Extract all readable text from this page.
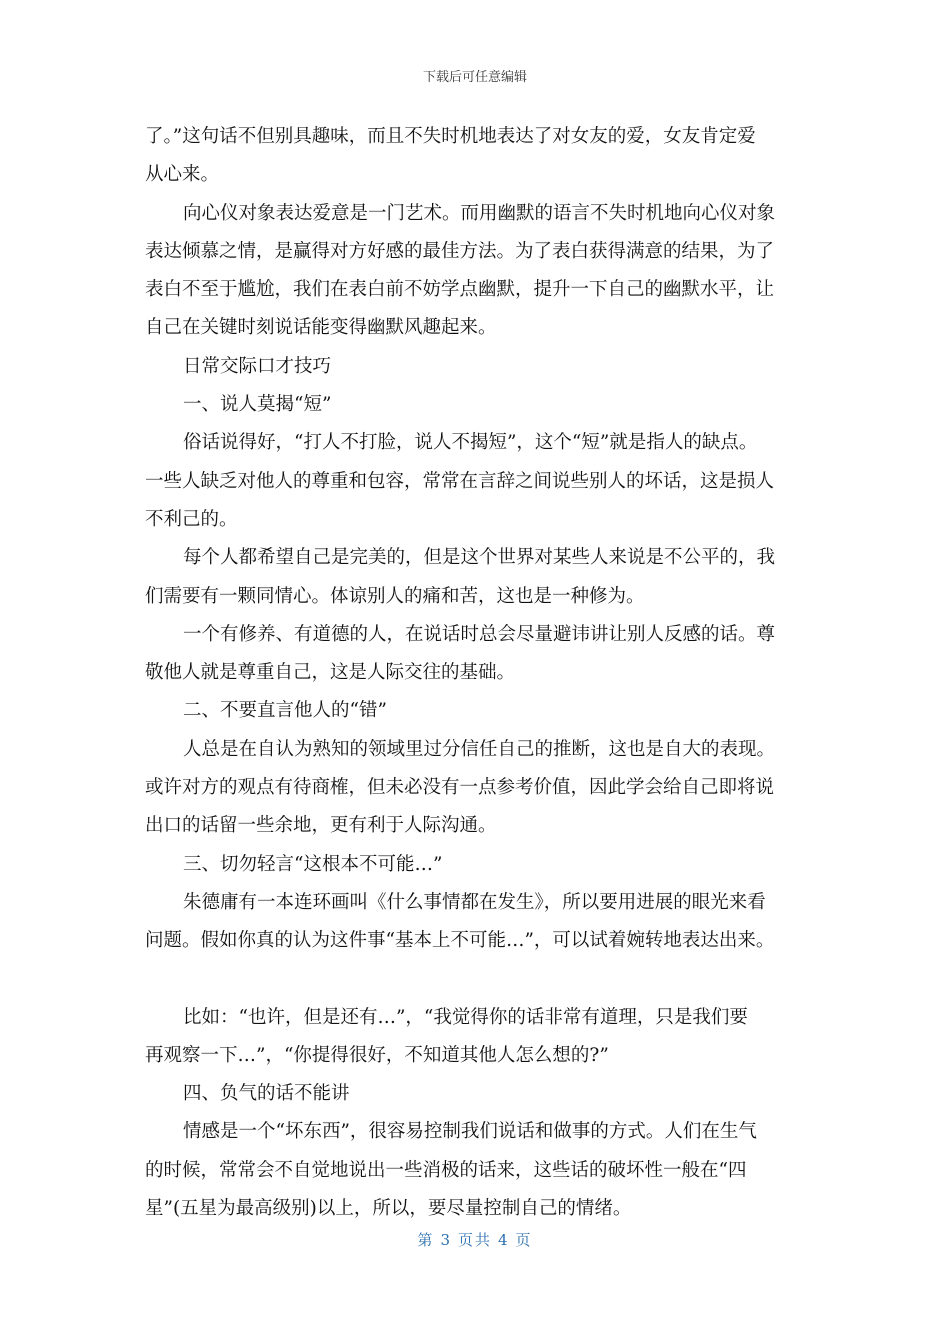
下载后可任意编辑

了。”这句话不但别具趣味，而且不失时机地表达了对女友的爱，女友肯定爱

从心来。

向心仪对象表达爱意是一门艺术。而用幽默的语言不失时机地向心仪对象

表达倾慕之情，是赢得对方好感的最佳方法。为了表白获得满意的结果，为了

表白不至于尴尬，我们在表白前不妨学点幽默，提升一下自己的幽默水平，让

自己在关键时刻说话能变得幽默风趣起来。

日常交际口才技巧

一、说人莫揭“短”

俗话说得好，“打人不打脸，说人不揭短”，这个“短”就是指人的缺点。

一些人缺乏对他人的尊重和包容，常常在言辞之间说些别人的坏话，这是损人

不利己的。

每个人都希望自己是完美的，但是这个世界对某些人来说是不公平的，我

们需要有一颗同情心。体谅别人的痛和苦，这也是一种修为。

一个有修养、有道德的人，在说话时总会尽量避讳讲让别人反感的话。尊

敬他人就是尊重自己，这是人际交往的基础。

二、不要直言他人的“错”

人总是在自认为熟知的领域里过分信任自己的推断，这也是自大的表现。

或许对方的观点有待商榷，但未必没有一点参考价值，因此学会给自己即将说

出口的话留一些余地，更有利于人际沟通。

三、切勿轻言“这根本不可能…”

朱德庸有一本连环画叫《什么事情都在发生》，所以要用进展的眼光来看

问题。假如你真的认为这件事“基本上不可能…”，可以试着婉转地表达出来。

比如：“也许，但是还有…”，“我觉得你的话非常有道理，只是我们要

再观察一下…”，“你提得很好，不知道其他人怎么想的?”

四、负气的话不能讲

情感是一个“坏东西”，很容易控制我们说话和做事的方式。人们在生气

的时候，常常会不自觉地说出一些消极的话来，这些话的破坏性一般在“四

星”(五星为最高级别)以上，所以，要尽量控制自己的情绪。

第 3 页共 4 页
